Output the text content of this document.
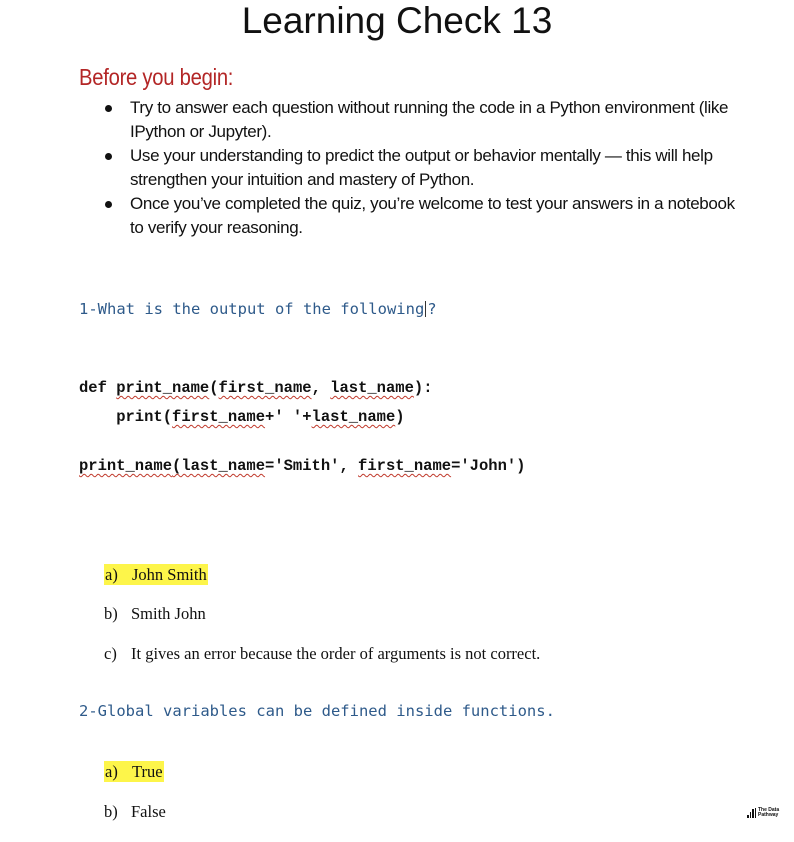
Learning Check 13
Before you begin:
Try to answer each question without running the code in a Python environment (like IPython or Jupyter).
Use your understanding to predict the output or behavior mentally — this will help strengthen your intuition and mastery of Python.
Once you’ve completed the quiz, you’re welcome to test your answers in a notebook to verify your reasoning.
1-What is the output of the following ?
def print_name(first_name, last_name):
print(first_name+' '+last_name)
print_name(last_name='Smith', first_name='John')
a) John Smith
b) Smith John
c) It gives an error because the order of arguments is not correct.
2-Global variables can be defined inside functions.
a) True
b) False	The Data
Pathway
